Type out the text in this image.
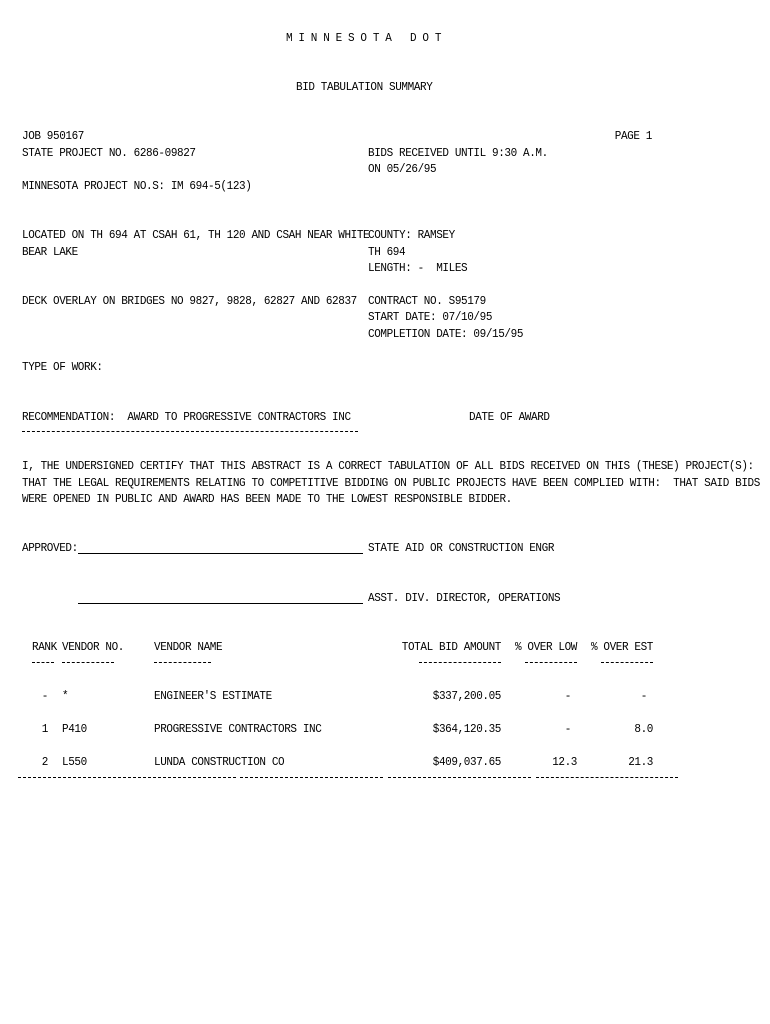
M I N N E S O T A   D O T
BID TABULATION SUMMARY
JOB 950167	PAGE 1
STATE PROJECT NO. 6286-09827	BIDS RECEIVED UNTIL 9:30 A.M.
ON 05/26/95
MINNESOTA PROJECT NO.S: IM 694-5(123)
LOCATED ON TH 694 AT CSAH 61, TH 120 AND CSAH NEAR WHITE
BEAR LAKE
COUNTY: RAMSEY
TH 694
LENGTH: -  MILES
DECK OVERLAY ON BRIDGES NO 9827, 9828, 62827 AND 62837 CONTRACT NO. S95179
START DATE: 07/10/95
COMPLETION DATE: 09/15/95
TYPE OF WORK:
RECOMMENDATION:  AWARD TO PROGRESSIVE CONTRACTORS INC	DATE OF AWARD
I, THE UNDERSIGNED CERTIFY THAT THIS ABSTRACT IS A CORRECT TABULATION OF ALL BIDS RECEIVED ON THIS (THESE) PROJECT(S):
THAT THE LEGAL REQUIREMENTS RELATING TO COMPETITIVE BIDDING ON PUBLIC PROJECTS HAVE BEEN COMPLIED WITH:  THAT SAID BIDS
WERE OPENED IN PUBLIC AND AWARD HAS BEEN MADE TO THE LOWEST RESPONSIBLE BIDDER.
APPROVED:	STATE AID OR CONSTRUCTION ENGR
ASST. DIV. DIRECTOR, OPERATIONS
RANK VENDOR NO.	VENDOR NAME	TOTAL BID AMOUNT	% OVER LOW	% OVER EST
- *	ENGINEER'S ESTIMATE	$337,200.05	-	-
1 P410	PROGRESSIVE CONTRACTORS INC	$364,120.35	-	8.0
2 L550	LUNDA CONSTRUCTION CO	$409,037.65	12.3	21.3
